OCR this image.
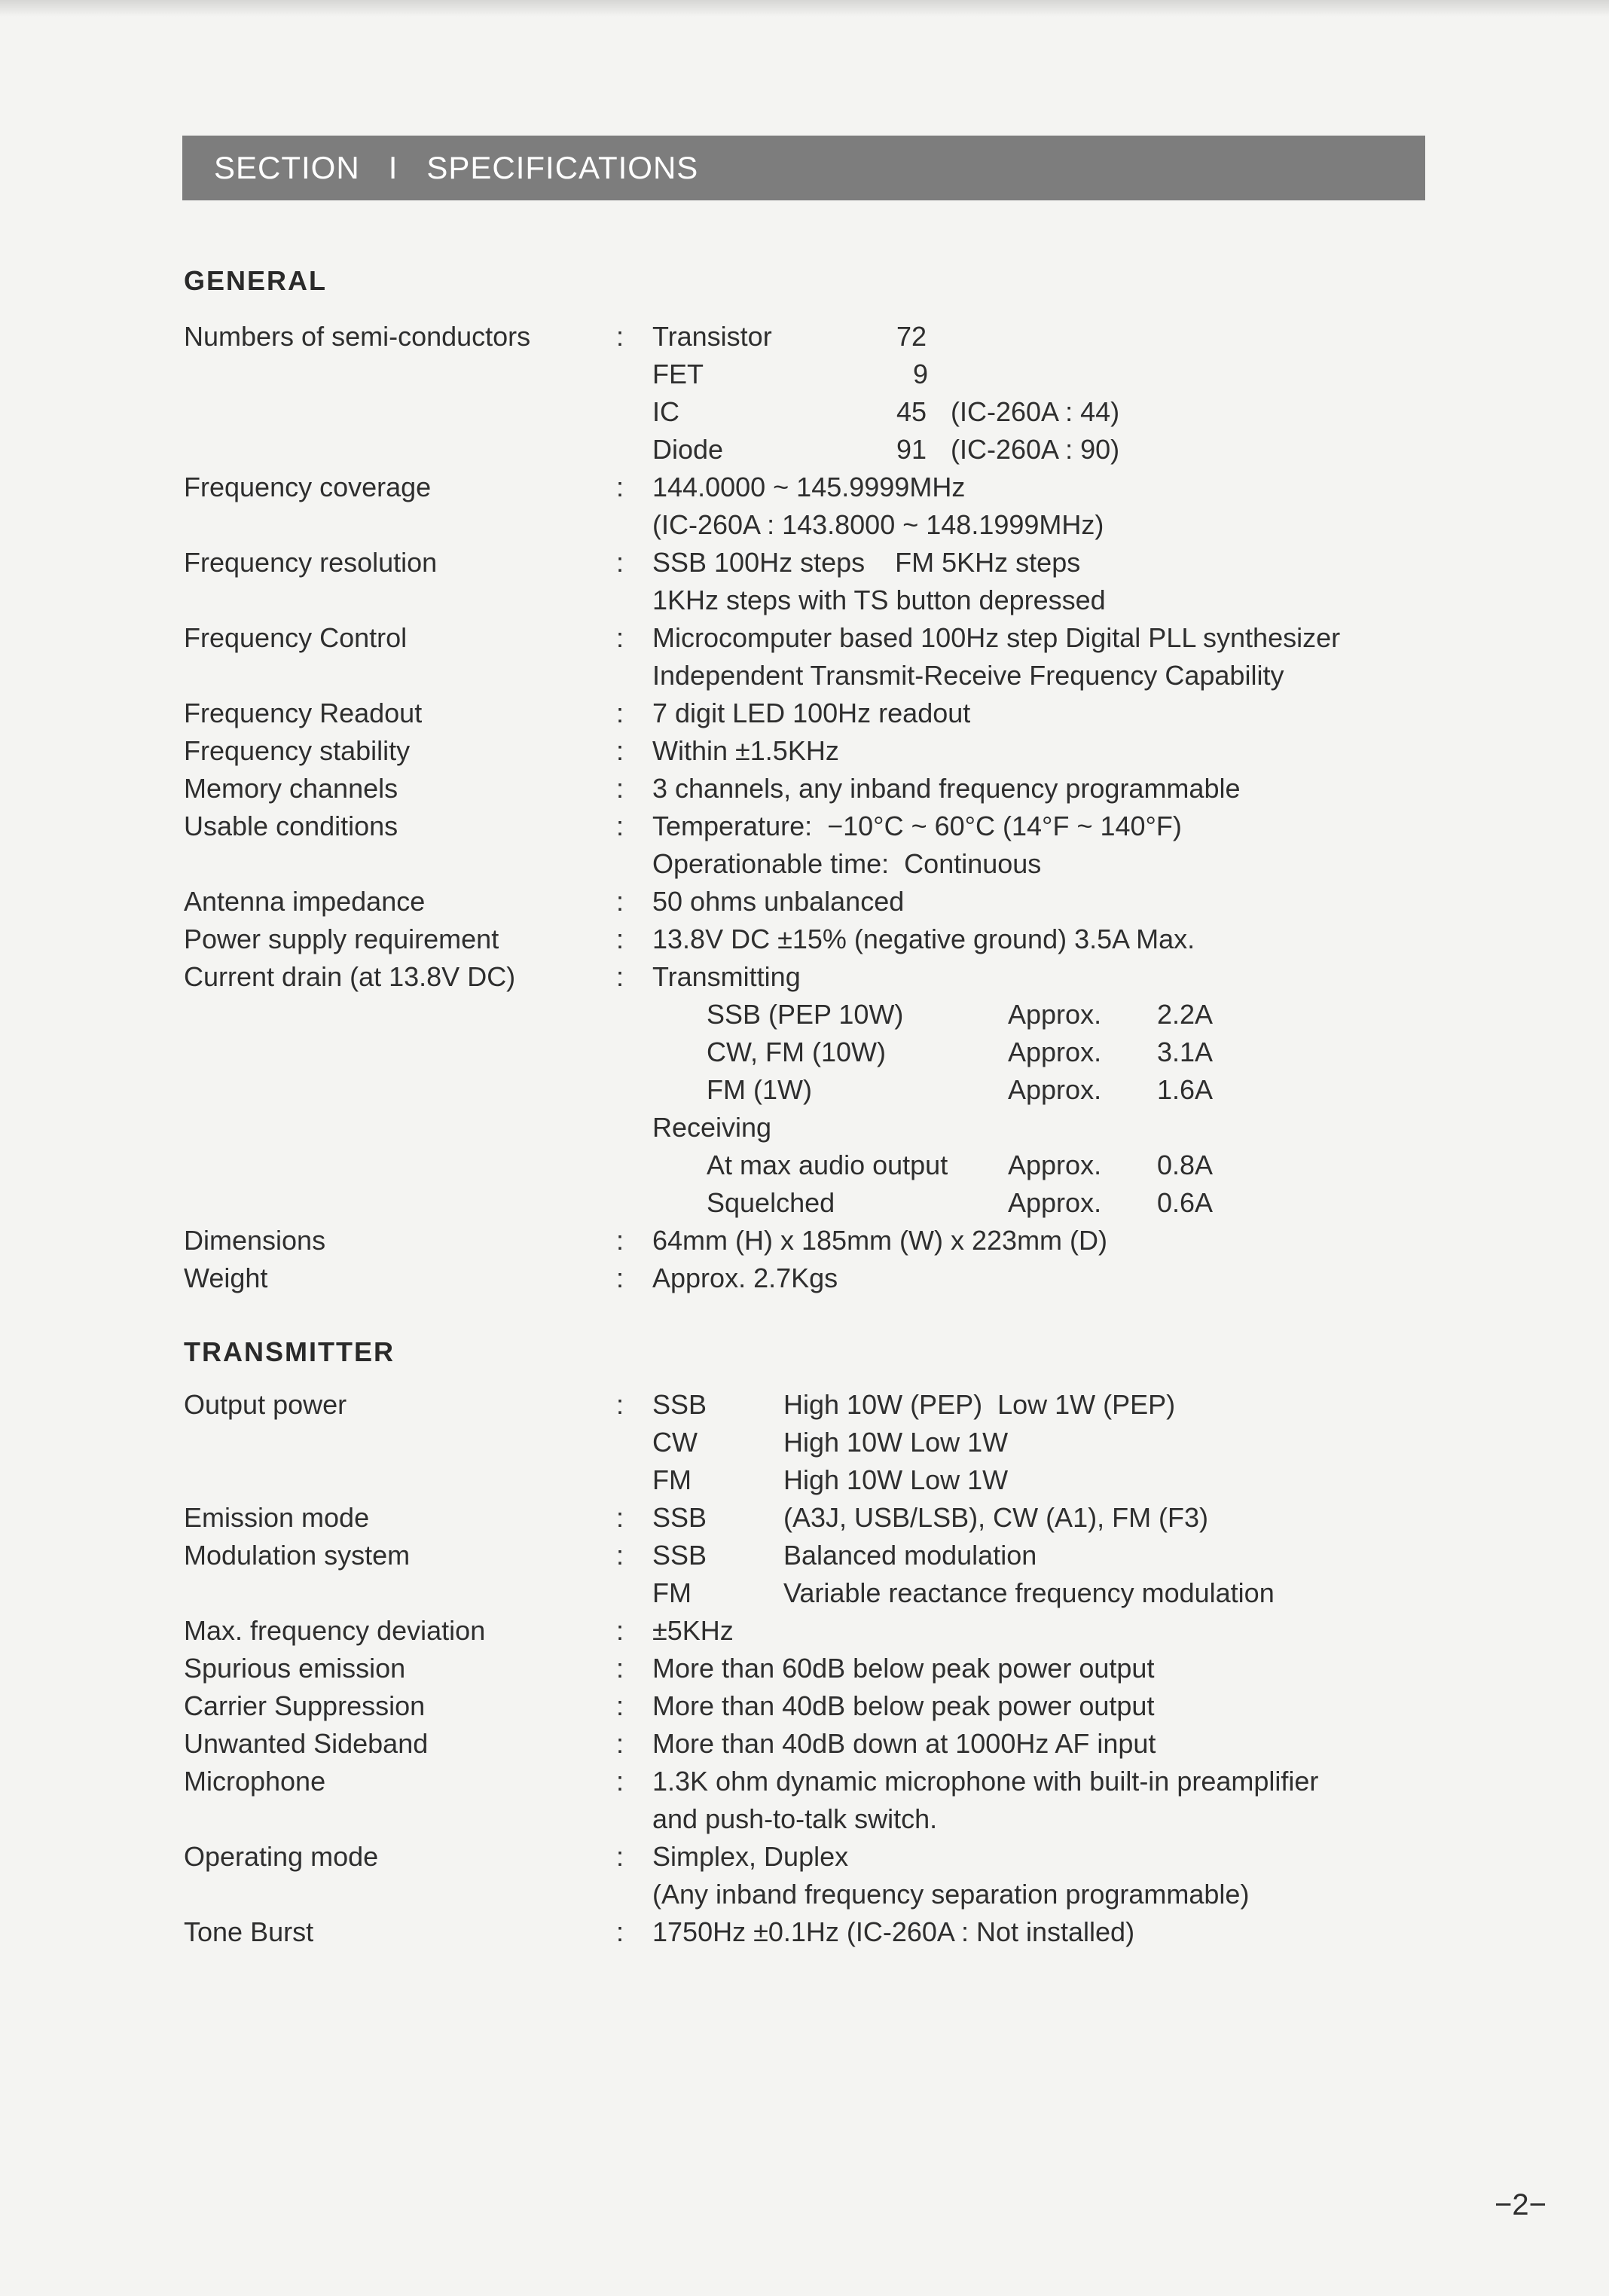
SECTION   I   SPECIFICATIONS
GENERAL
Numbers of semi-conductors	: Transistor	72
FET	9
IC	45 (IC-260A : 44)
Diode	91 (IC-260A : 90)
Frequency coverage	: 144.0000 ~ 145.9999MHz
(IC-260A : 143.8000 ~ 148.1999MHz)
Frequency resolution	: SSB 100Hz steps    FM 5KHz steps
1KHz steps with TS button depressed
Frequency Control	: Microcomputer based 100Hz step Digital PLL synthesizer
Independent Transmit-Receive Frequency Capability
Frequency Readout	: 7 digit LED 100Hz readout
Frequency stability	: Within ±1.5KHz
Memory channels	: 3 channels, any inband frequency programmable
Usable conditions	: Temperature:  −10°C ~ 60°C (14°F ~ 140°F)
Operationable time:  Continuous
Antenna impedance	: 50 ohms unbalanced
Power supply requirement	: 13.8V DC ±15% (negative ground) 3.5A Max.
Current drain (at 13.8V DC)	: Transmitting
SSB (PEP 10W)	Approx. 2.2A
CW, FM (10W)	Approx. 3.1A
FM (1W)	Approx. 1.6A
Receiving
At max audio output Approx. 0.8A
Squelched	Approx. 0.6A
Dimensions	: 64mm (H) x 185mm (W) x 223mm (D)
Weight	: Approx. 2.7Kgs
TRANSMITTER
Output power	: SSB	High 10W (PEP)  Low 1W (PEP)
CW	High 10W Low 1W
FM	High 10W Low 1W
Emission mode	: SSB	(A3J, USB/LSB), CW (A1), FM (F3)
Modulation system	: SSB	Balanced modulation
FM	Variable reactance frequency modulation
Max. frequency deviation	: ±5KHz
Spurious emission	: More than 60dB below peak power output
Carrier Suppression	: More than 40dB below peak power output
Unwanted Sideband	: More than 40dB down at 1000Hz AF input
Microphone	: 1.3K ohm dynamic microphone with built-in preamplifier
and push-to-talk switch.
Operating mode	: Simplex, Duplex
(Any inband frequency separation programmable)
Tone Burst	: 1750Hz ±0.1Hz (IC-260A : Not installed)
−2−
